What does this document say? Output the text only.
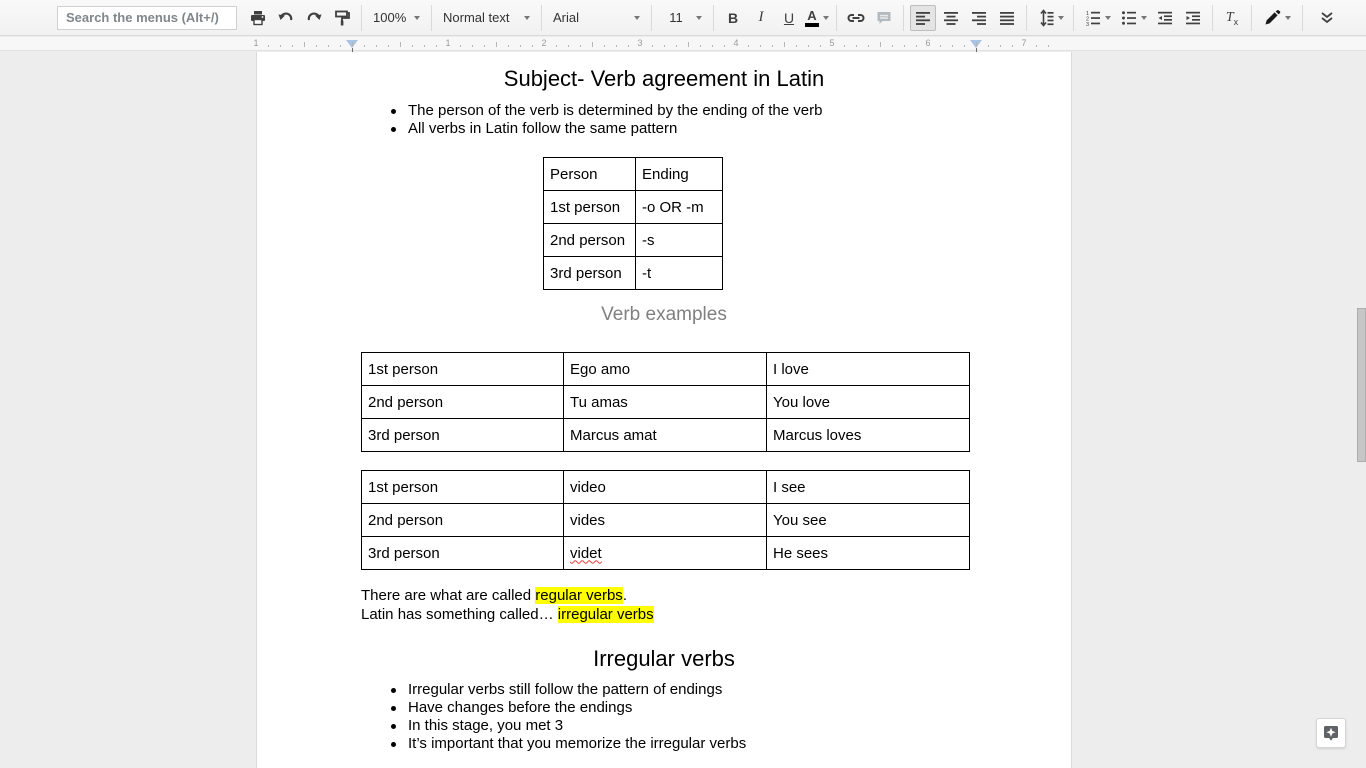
Search the menus (Alt+/)
100%	Normal text	Arial	11	B I U A	1
2
3	$T_x$
1	2	3	4	5	6	7
1
Subject- Verb agreement in Latin
The person of the verb is determined by the ending of the verb
All verbs in Latin follow the same pattern
Person	Ending
1st person	-o OR -m
2nd person	-s
3rd person	-t
Verb examples
1st person	Ego amo	I love
2nd person	Tu amas	You love
3rd person	Marcus amat	Marcus loves
1st person	video	I see
2nd person	vides	You see
3rd person	videt	He sees
There are what are called regular verbs.
Latin has something called… irregular verbs
Irregular verbs
Irregular verbs still follow the pattern of endings
Have changes before the endings
In this stage, you met 3
It’s important that you memorize the irregular verbs
